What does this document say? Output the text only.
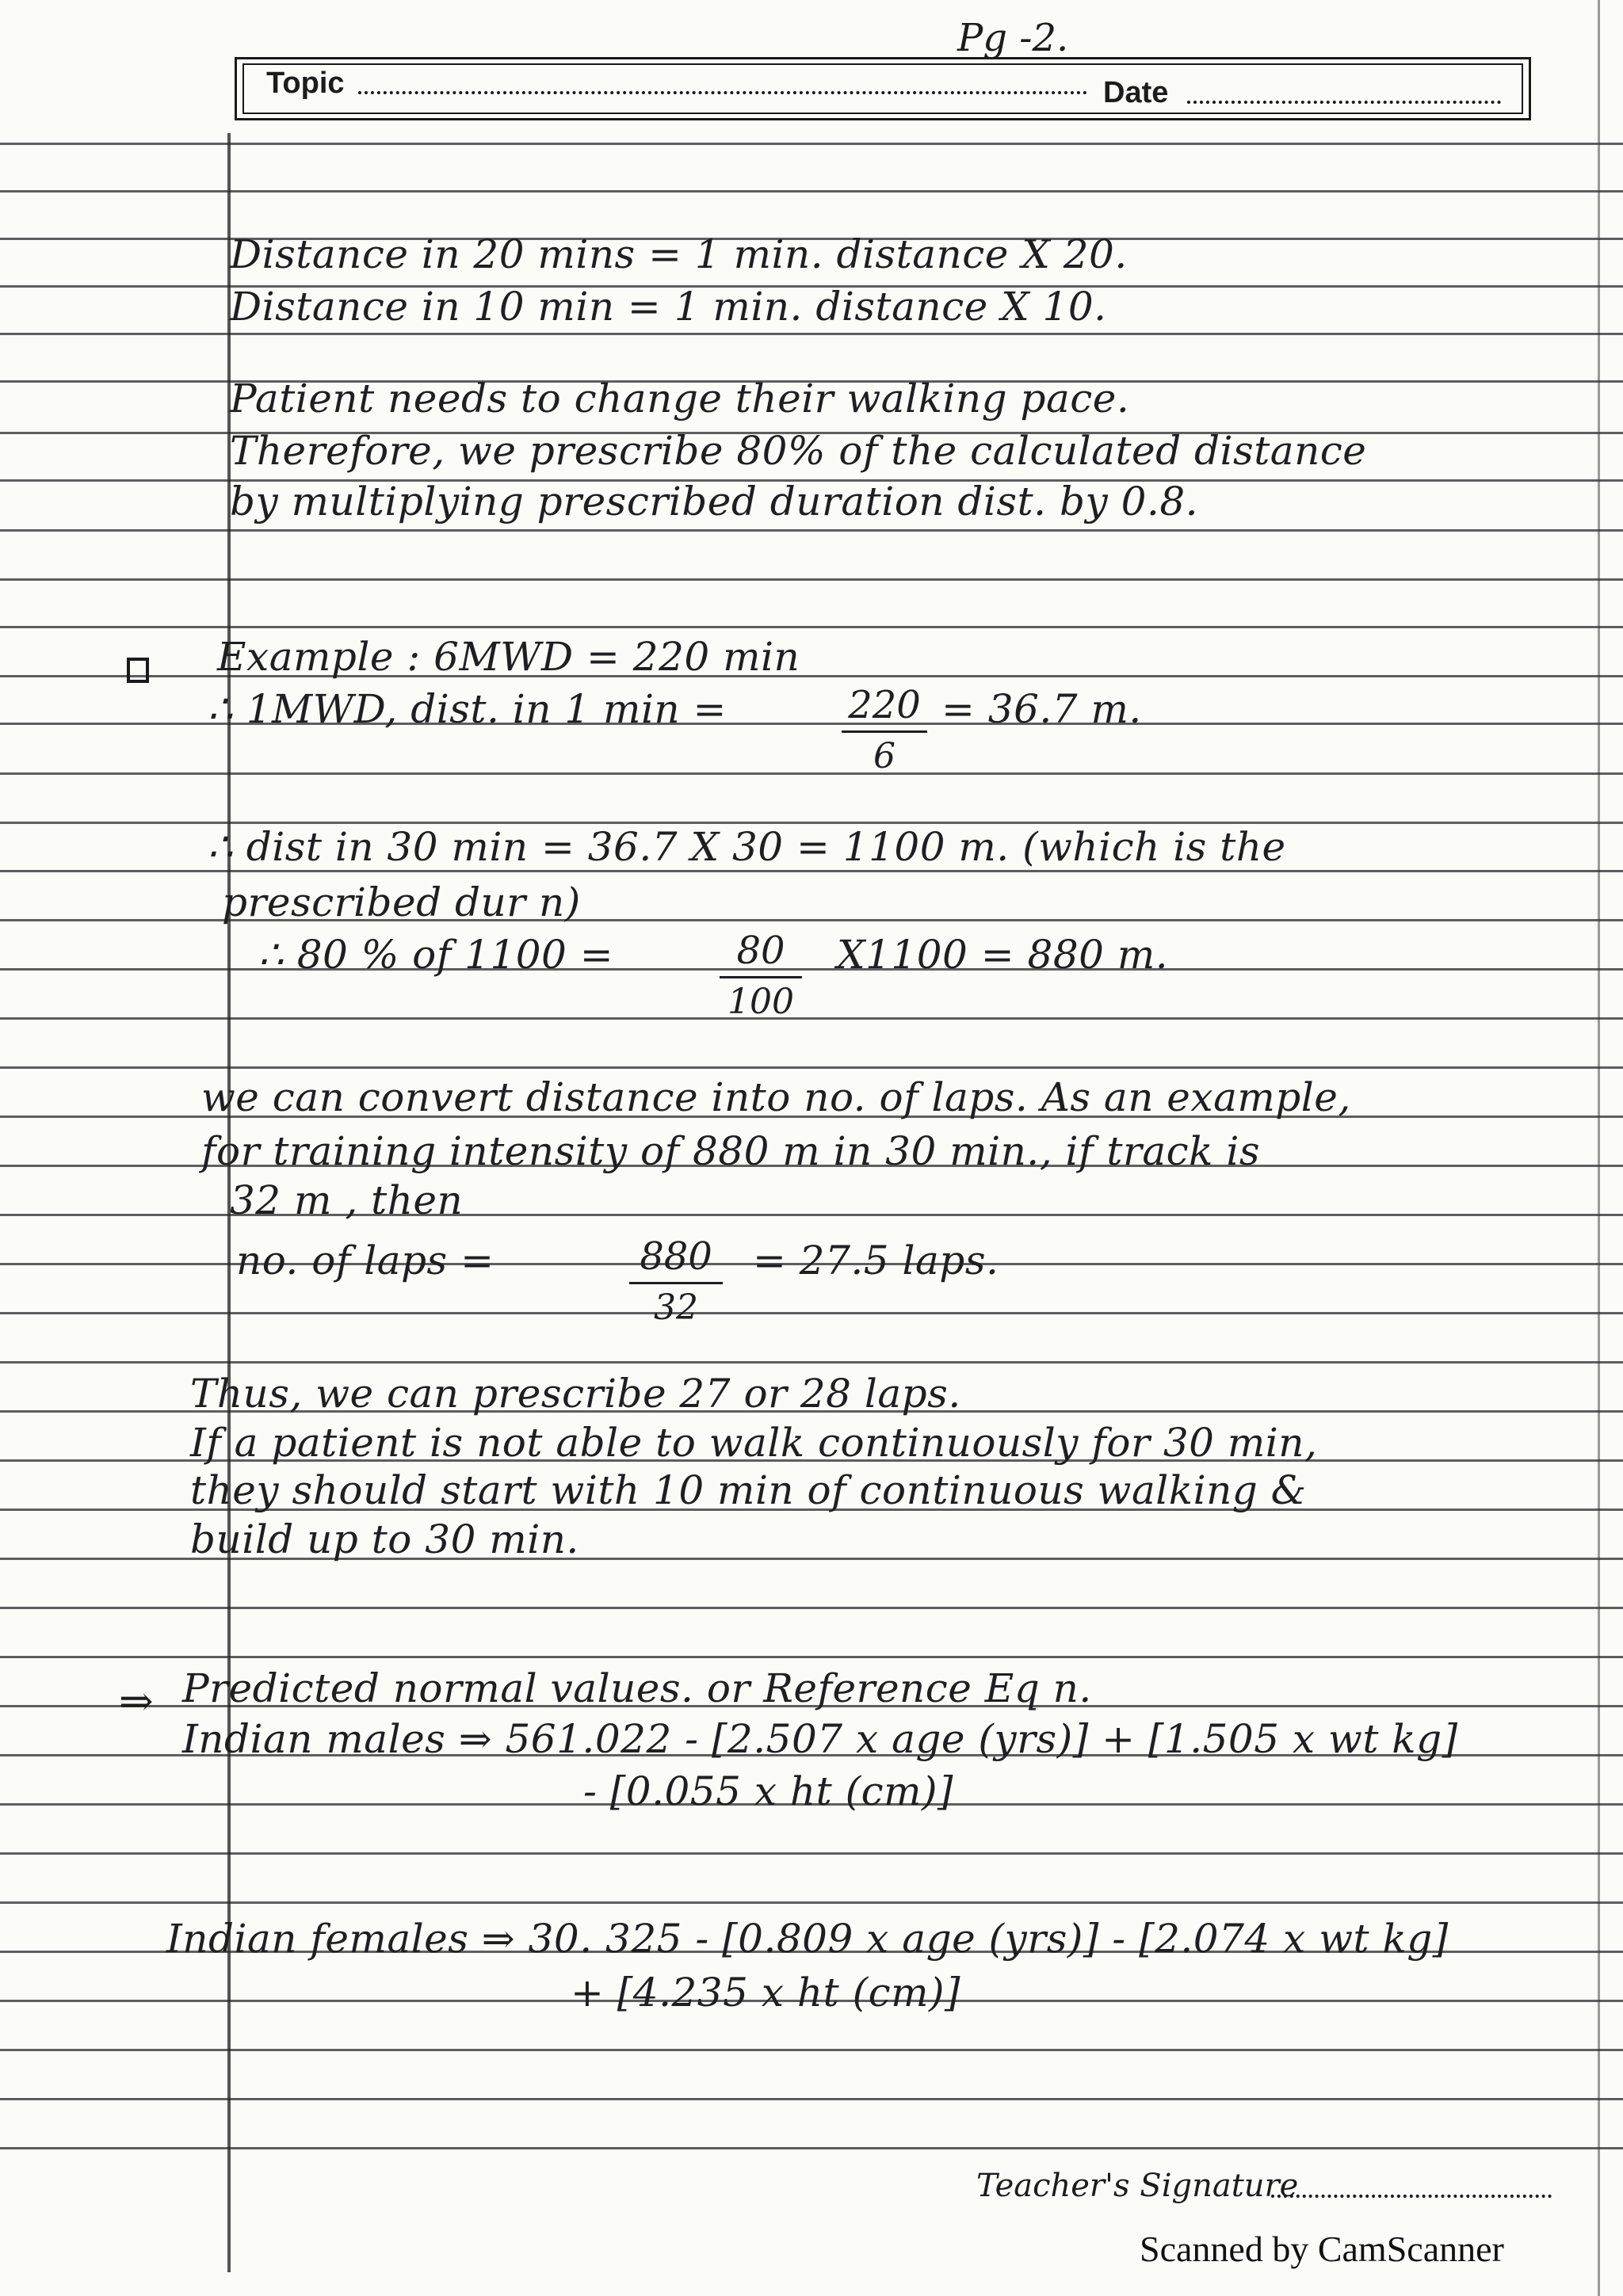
Pg -2.
Topic	Date
⇒
Distance in 20 mins = 1 min. distance X 20.
Distance in 10 min = 1 min. distance X 10.
Patient needs to change their walking pace.
Therefore, we prescribe 80% of the calculated distance
by multiplying prescribed duration dist. by 0.8.
Example : 6MWD = 220 min
∴ 1MWD, dist. in 1 min =	220
6
= 36.7 m.
∴ dist in 30 min = 36.7 X 30 = 1100 m. (which is the
prescribed dur n)
∴ 80 % of 1100 =	80
100
X1100 = 880 m.
we can convert distance into no. of laps. As an example,
for training intensity of 880 m in 30 min., if track is
32 m , then
no. of laps =	880
32
= 27.5 laps.
Thus, we can prescribe 27 or 28 laps.
If a patient is not able to walk continuously for 30 min,
they should start with 10 min of continuous walking &
build up to 30 min.
Predicted normal values. or Reference Eq n.
Indian males ⇒ 561.022 - [2.507 x age (yrs)] + [1.505 x wt kg]
- [0.055 x ht (cm)]
Indian females ⇒ 30. 325 - [0.809 x age (yrs)] - [2.074 x wt kg]
+ [4.235 x ht (cm)]
Teacher's Signature
Scanned by CamScanner
